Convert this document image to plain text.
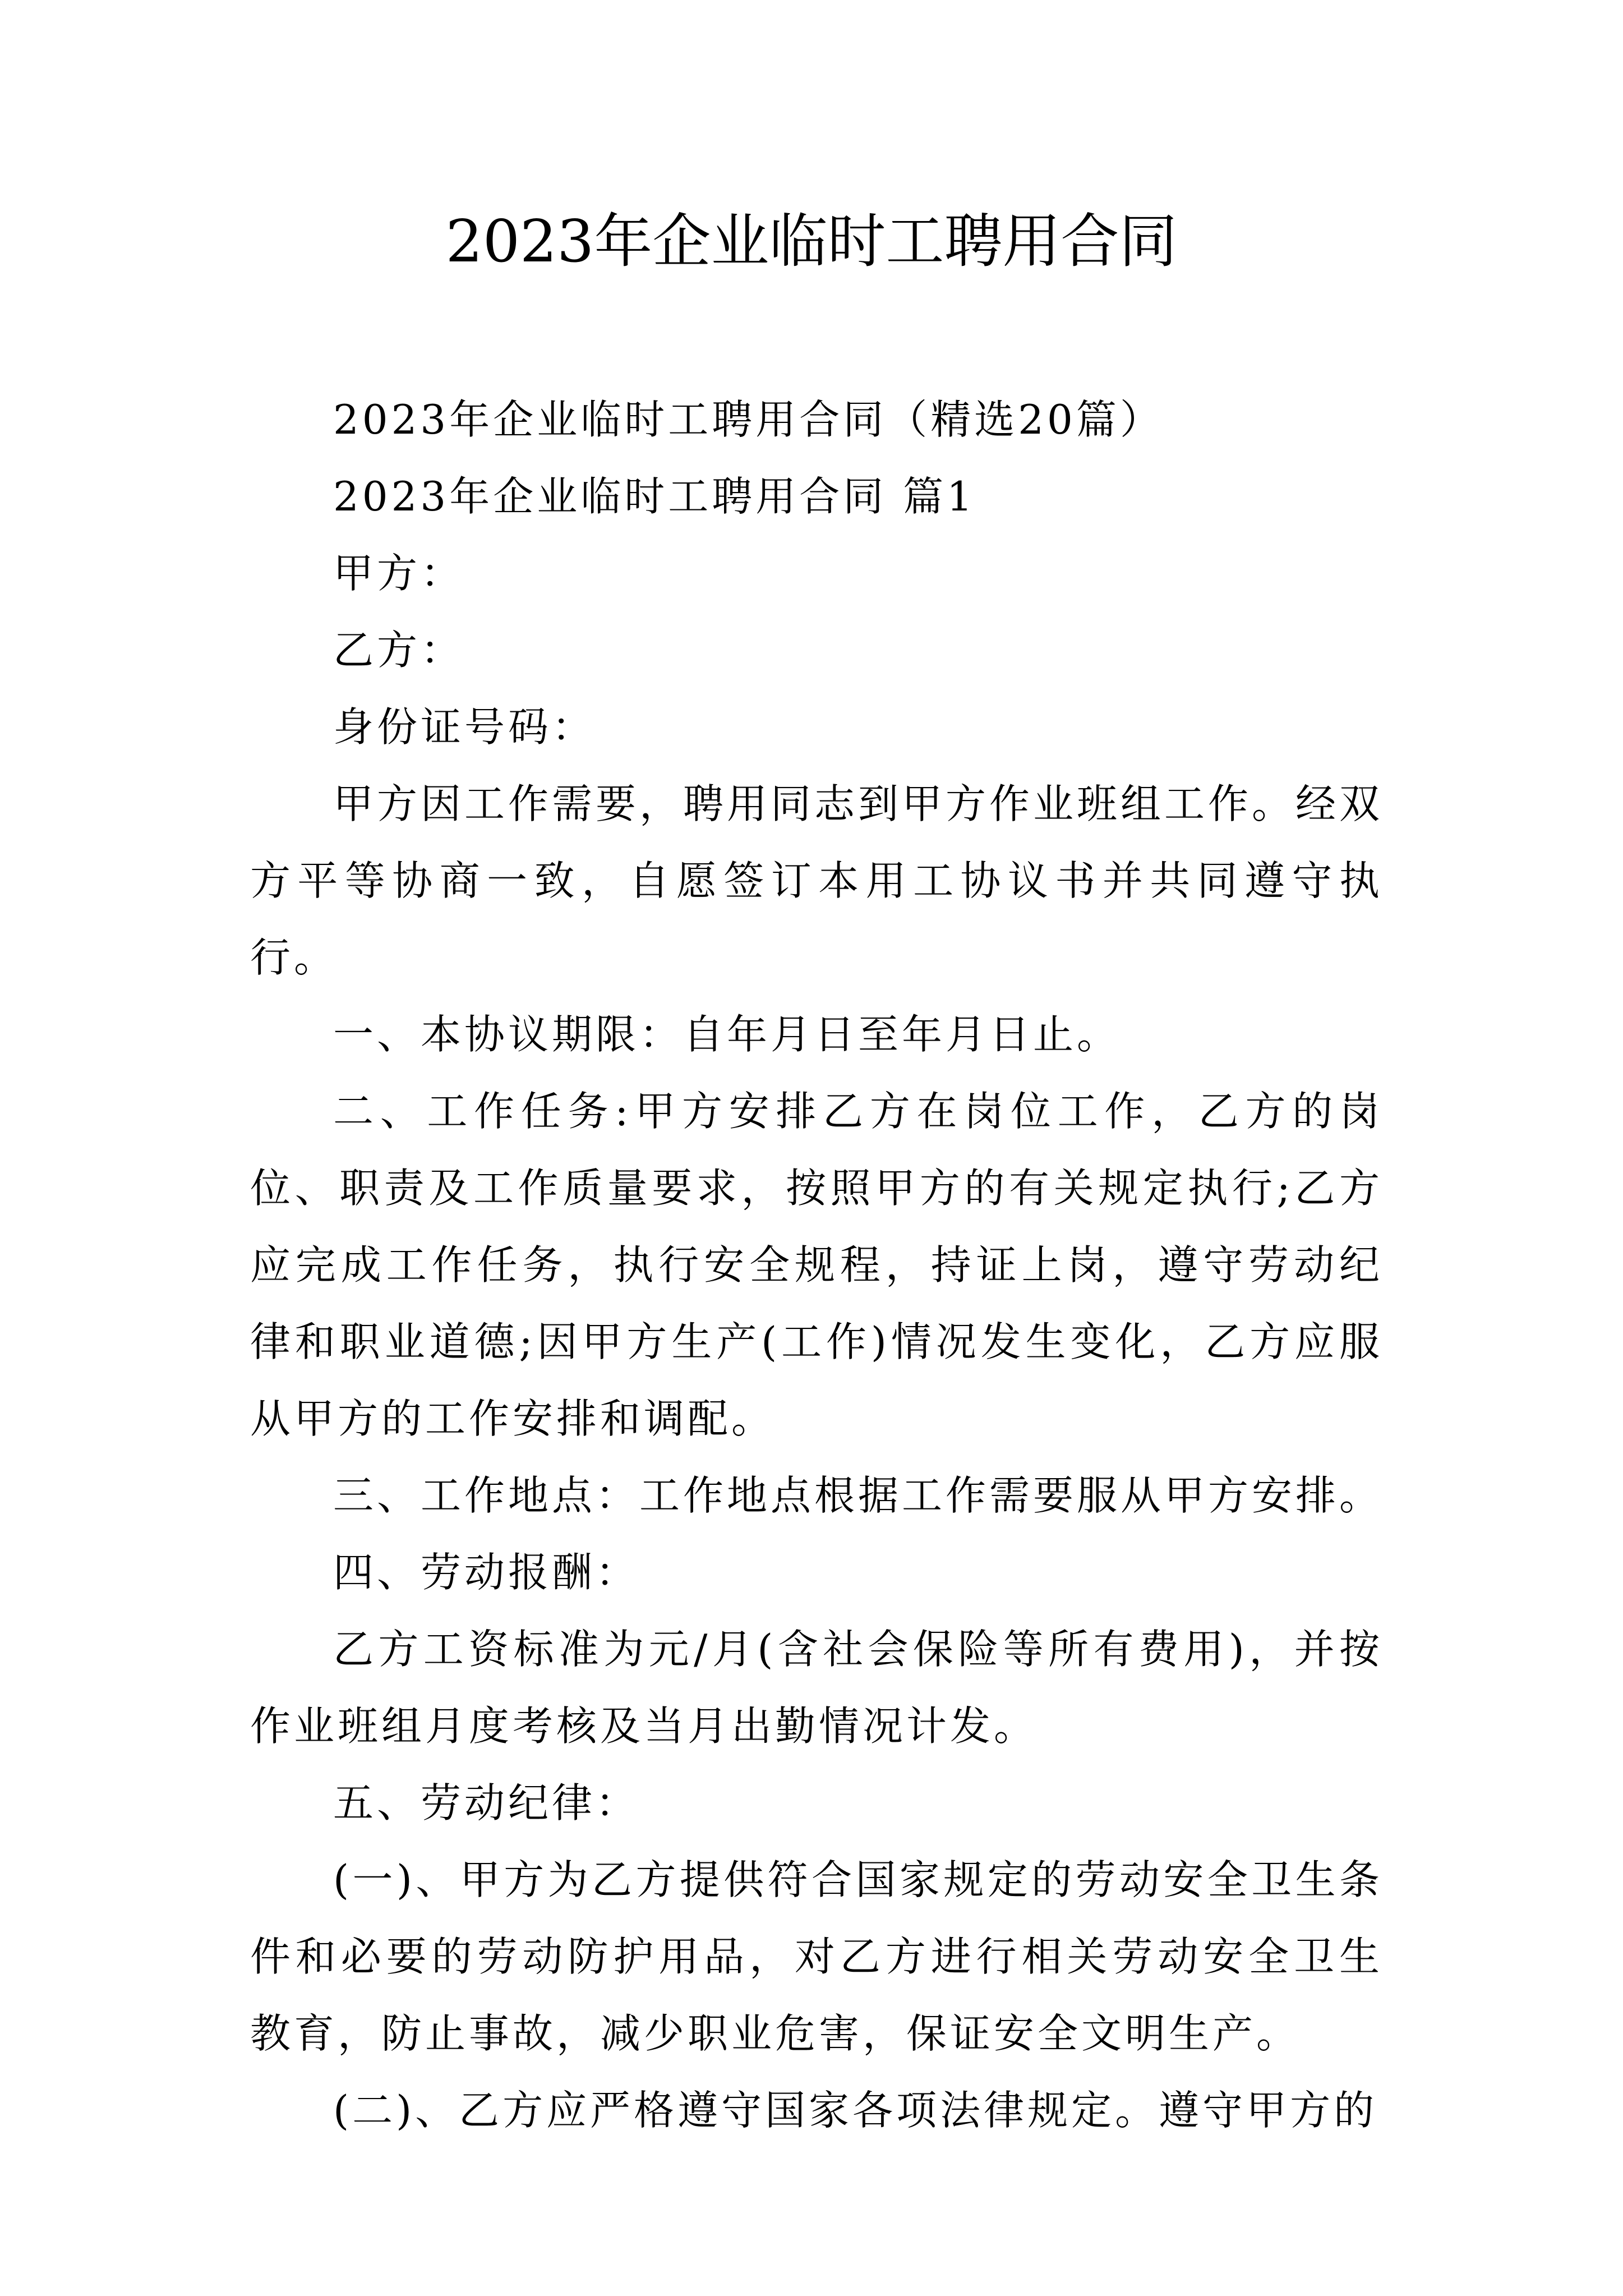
2023年企业临时工聘用合同

2023年企业临时工聘用合同（精选20篇）

2023年企业临时工聘用合同 篇1

甲方：

乙方：

身份证号码：

甲方因工作需要，聘用同志到甲方作业班组工作。经双方平等协商一致，自愿签订本用工协议书并共同遵守执行。

一、本协议期限：自年月日至年月日止。

二、工作任务:甲方安排乙方在岗位工作，乙方的岗位、职责及工作质量要求，按照甲方的有关规定执行;乙方应完成工作任务，执行安全规程，持证上岗，遵守劳动纪律和职业道德;因甲方生产(工作)情况发生变化，乙方应服从甲方的工作安排和调配。

三、工作地点：工作地点根据工作需要服从甲方安排。

四、劳动报酬：

乙方工资标准为元/月(含社会保险等所有费用)，并按作业班组月度考核及当月出勤情况计发。

五、劳动纪律：

(一)、甲方为乙方提供符合国家规定的劳动安全卫生条件和必要的劳动防护用品，对乙方进行相关劳动安全卫生教育，防止事故，减少职业危害，保证安全文明生产。

(二)、乙方应严格遵守国家各项法律规定。遵守甲方的
